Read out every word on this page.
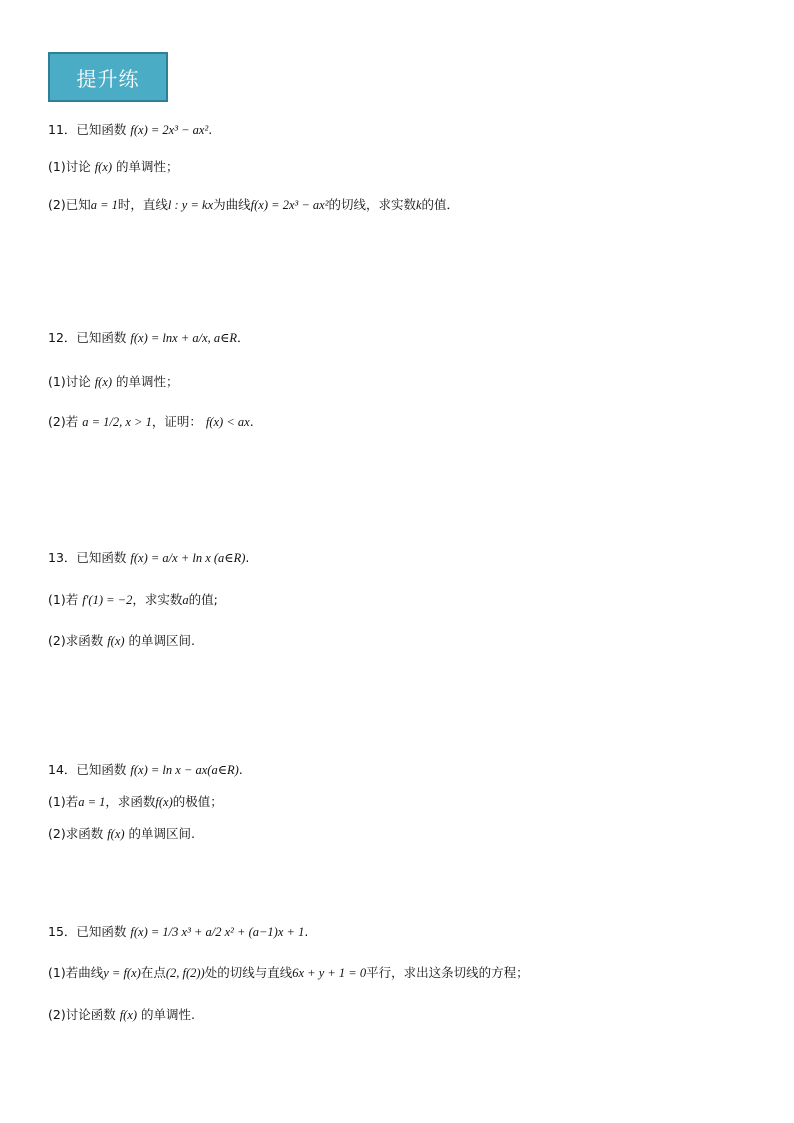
提升练
11．已知函数 f(x) = 2x³ − ax².
(1)讨论 f(x) 的单调性；
(2)已知a = 1时，直线l : y = kx为曲线f(x) = 2x³ − ax²的切线，求实数k的值．
12．已知函数 f(x) = lnx + a/x, a∈R．
(1)讨论 f(x) 的单调性；
(2)若 a = 1/2, x > 1，证明： f(x) < ax.
13．已知函数 f(x) = a/x + ln x (a∈R).
(1)若 f′(1) = −2，求实数a的值;
(2)求函数 f(x) 的单调区间.
14．已知函数 f(x) = ln x − ax(a∈R).
(1)若a = 1，求函数f(x)的极值；
(2)求函数 f(x) 的单调区间.
15．已知函数 f(x) = 1/3 x³ + a/2 x² + (a−1)x + 1.
(1)若曲线y = f(x)在点(2, f(2))处的切线与直线6x + y + 1 = 0平行，求出这条切线的方程；
(2)讨论函数 f(x) 的单调性.
